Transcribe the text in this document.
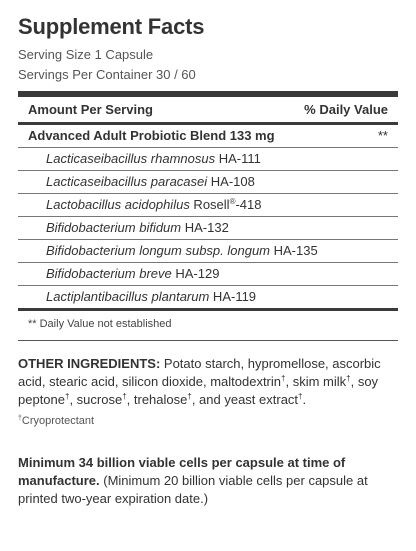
Supplement Facts
Serving Size 1 Capsule
Servings Per Container 30 / 60
Amount Per Serving	% Daily Value
Advanced Adult Probiotic Blend 133 mg	**
Lacticaseibacillus rhamnosus HA-111
Lacticaseibacillus paracasei HA-108
Lactobacillus acidophilus Rosell®-418
Bifidobacterium bifidum HA-132
Bifidobacterium longum subsp. longum HA-135
Bifidobacterium breve HA-129
Lactiplantibacillus plantarum HA-119
** Daily Value not established
OTHER INGREDIENTS: Potato starch, hypromellose, ascorbic acid, stearic acid, silicon dioxide, maltodextrin†, skim milk†, soy peptone†, sucrose†, trehalose†, and yeast extract†.
†Cryoprotectant
Minimum 34 billion viable cells per capsule at time of manufacture. (Minimum 20 billion viable cells per capsule at printed two-year expiration date.)
